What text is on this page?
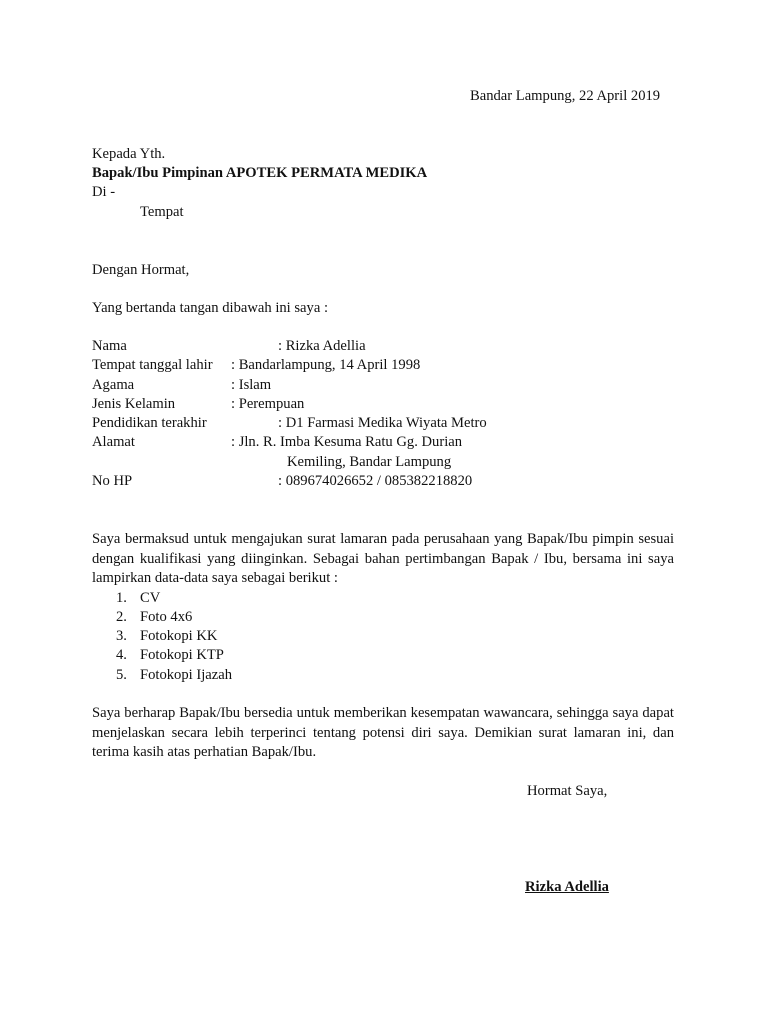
Bandar Lampung, 22 April 2019
Kepada Yth.
Bapak/Ibu Pimpinan APOTEK PERMATA MEDIKA
Di -
Tempat
Dengan Hormat,
Yang bertanda tangan dibawah ini saya :
Nama	: Rizka Adellia
Tempat tanggal lahir : Bandarlampung, 14 April 1998
Agama	: Islam
Jenis Kelamin	: Perempuan
Pendidikan terakhir	: D1 Farmasi Medika Wiyata Metro
Alamat	: Jln. R. Imba Kesuma Ratu Gg. Durian
Kemiling, Bandar Lampung
No HP	: 089674026652 / 085382218820
Saya bermaksud untuk mengajukan surat lamaran pada perusahaan yang Bapak/Ibu pimpin sesuai dengan kualifikasi yang diinginkan. Sebagai bahan pertimbangan Bapak / Ibu, bersama ini saya lampirkan data-data saya sebagai berikut :
1. CV
2. Foto 4x6
3. Fotokopi KK
4. Fotokopi KTP
5. Fotokopi Ijazah
Saya berharap Bapak/Ibu bersedia untuk memberikan kesempatan wawancara, sehingga saya dapat menjelaskan secara lebih terperinci tentang potensi diri saya. Demikian surat lamaran ini, dan terima kasih atas perhatian Bapak/Ibu.
Hormat Saya,
Rizka Adellia
